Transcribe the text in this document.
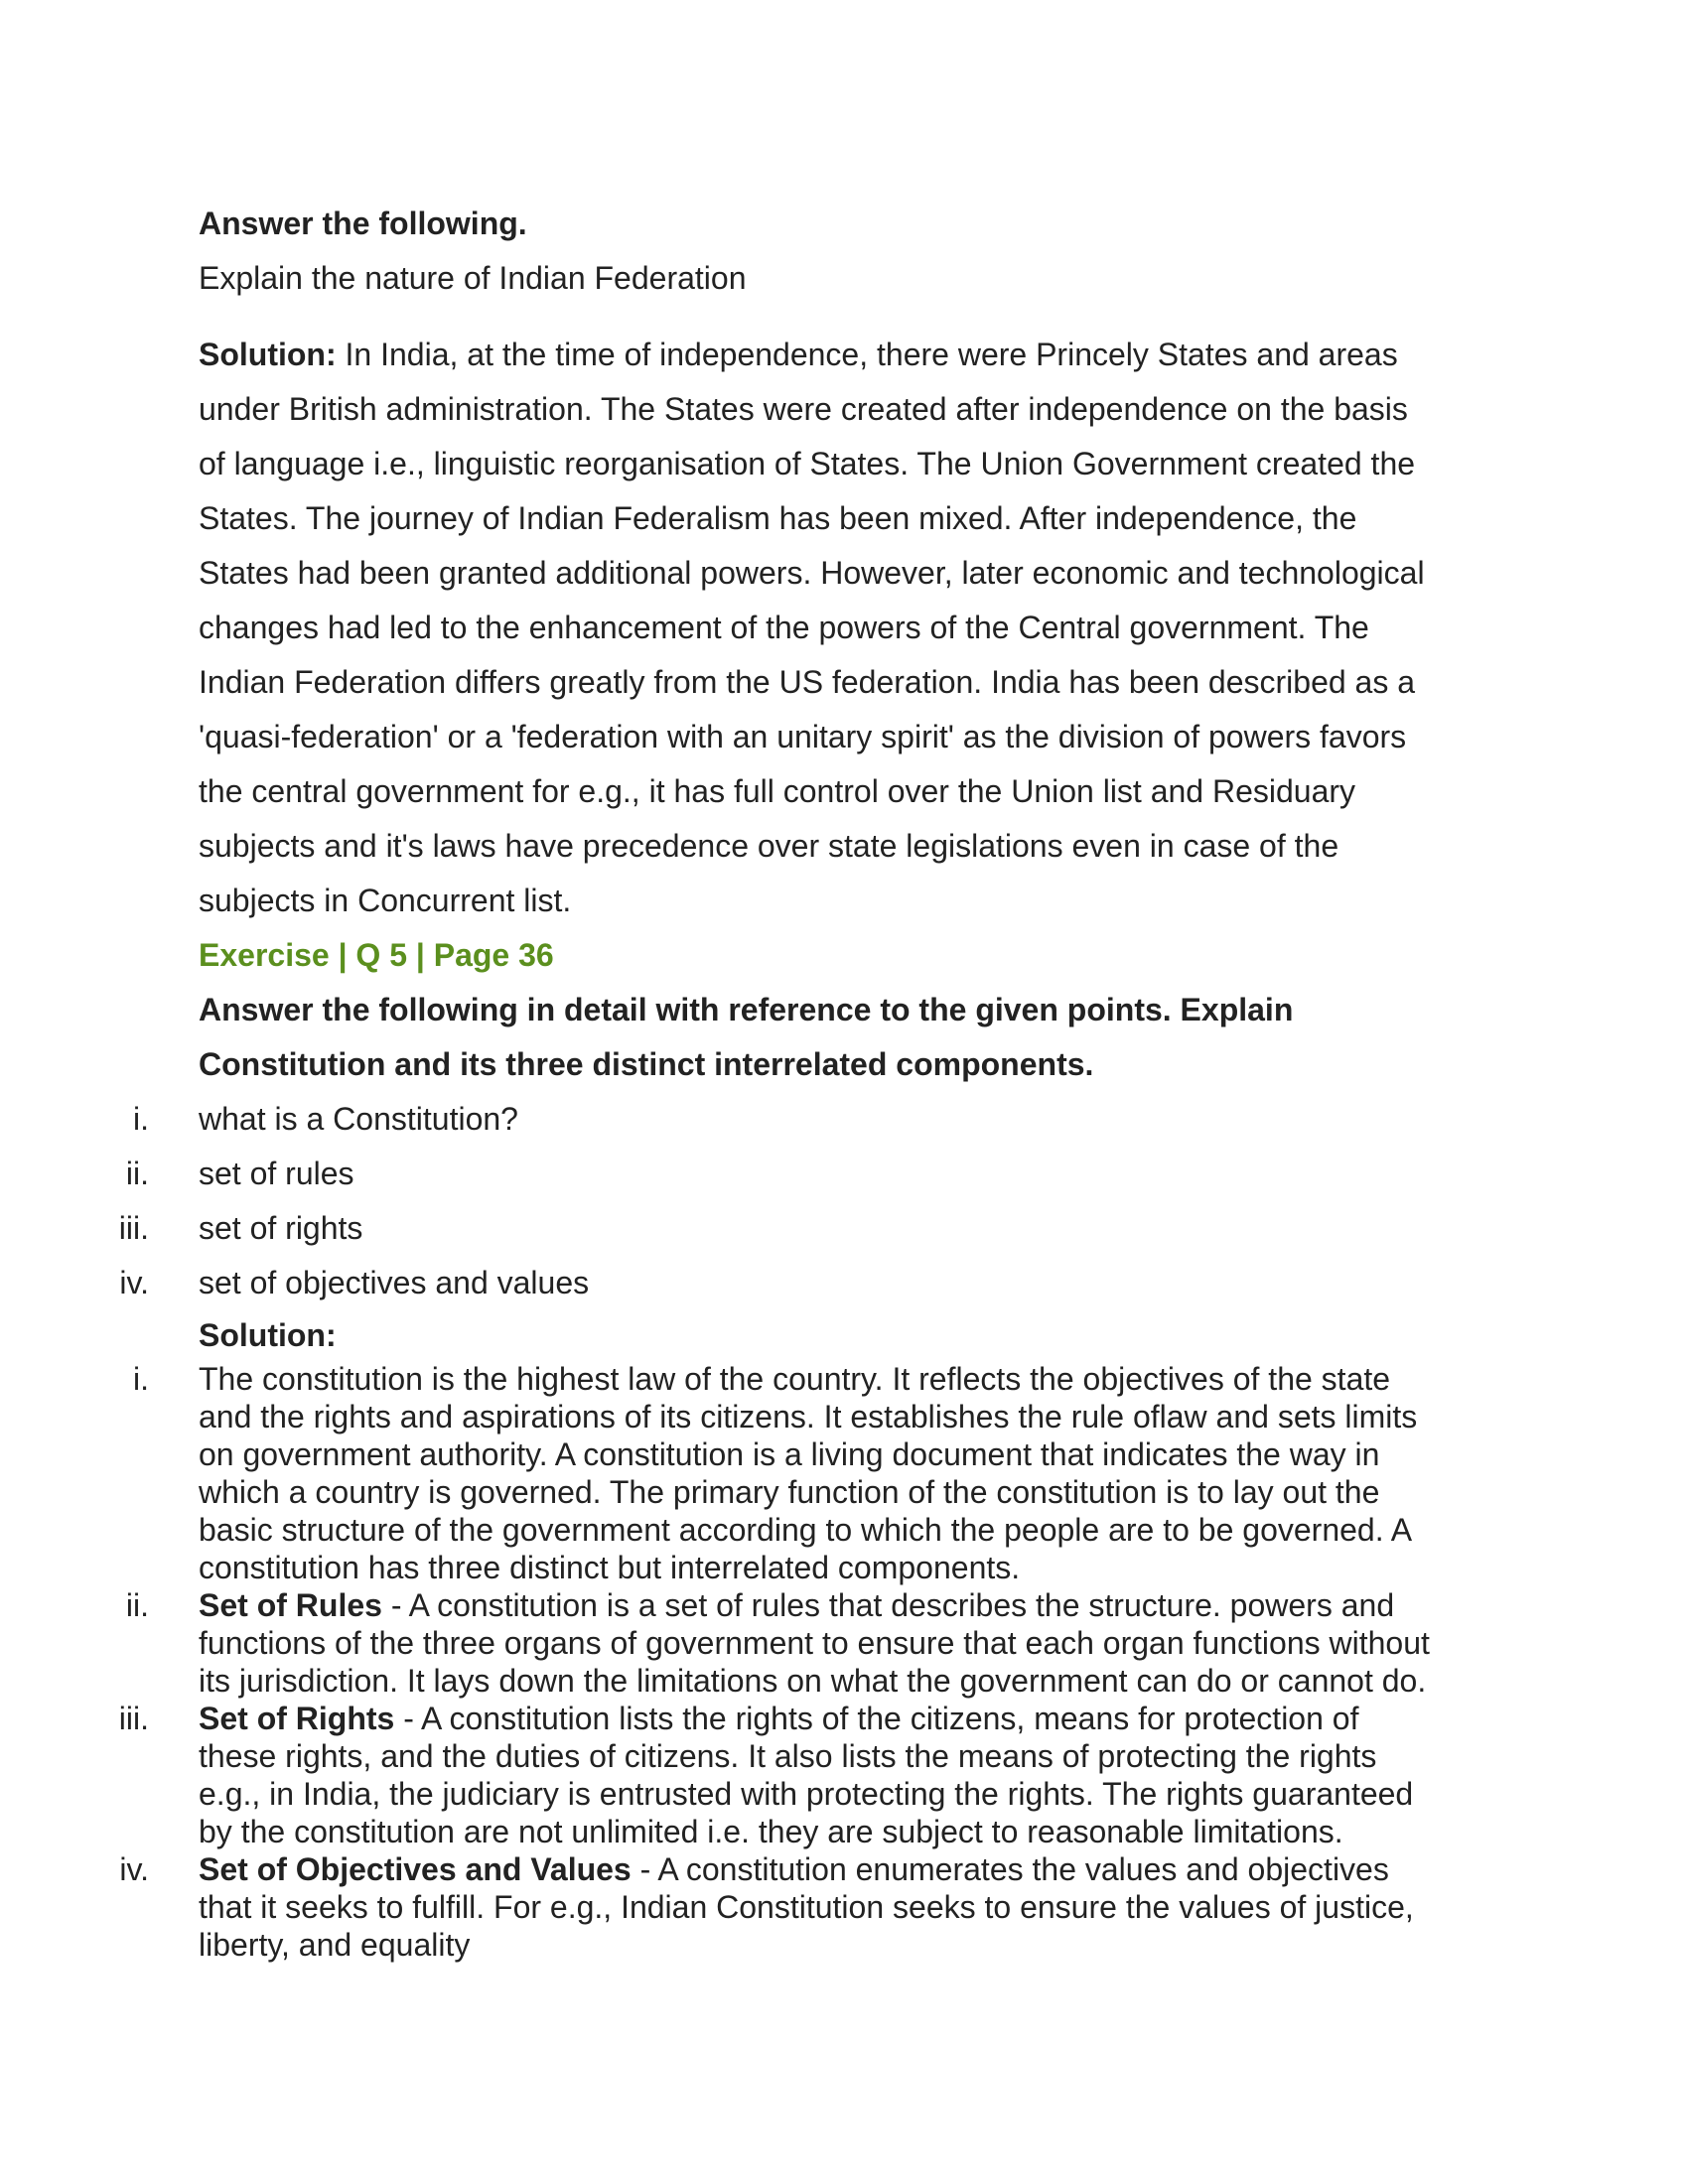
Answer the following.
Explain the nature of Indian Federation

Solution: In India, at the time of independence, there were Princely States and areas

under British administration. The States were created after independence on the basis

of language i.e., linguistic reorganisation of States. The Union Government created the

States. The journey of Indian Federalism has been mixed. After independence, the

States had been granted additional powers. However, later economic and technological

changes had led to the enhancement of the powers of the Central government. The

Indian Federation differs greatly from the US federation. India has been described as a

'quasi-federation' or a 'federation with an unitary spirit' as the division of powers favors

the central government for e.g., it has full control over the Union list and Residuary

subjects and it's laws have precedence over state legislations even in case of the

subjects in Concurrent list.

Exercise | Q 5 | Page 36
Answer the following in detail with reference to the given points. Explain
Constitution and its three distinct interrelated components.
i. what is a Constitution?
ii. set of rules
iii. set of rights
iv. set of objectives and values
Solution:
i. The constitution is the highest law of the country. It reflects the objectives of the state

and the rights and aspirations of its citizens. It establishes the rule oflaw and sets limits

on government authority. A constitution is a living document that indicates the way in

which a country is governed. The primary function of the constitution is to lay out the

basic structure of the government according to which the people are to be governed. A

constitution has three distinct but interrelated components.

ii. Set of Rules - A constitution is a set of rules that describes the structure. powers and

functions of the three organs of government to ensure that each organ functions without

its jurisdiction. It lays down the limitations on what the government can do or cannot do.

iii. Set of Rights - A constitution lists the rights of the citizens, means for protection of

these rights, and the duties of citizens. It also lists the means of protecting the rights

e.g., in India, the judiciary is entrusted with protecting the rights. The rights guaranteed

by the constitution are not unlimited i.e. they are subject to reasonable limitations.

iv. Set of Objectives and Values - A constitution enumerates the values and objectives

that it seeks to fulfill. For e.g., Indian Constitution seeks to ensure the values of justice,

liberty, and equality
